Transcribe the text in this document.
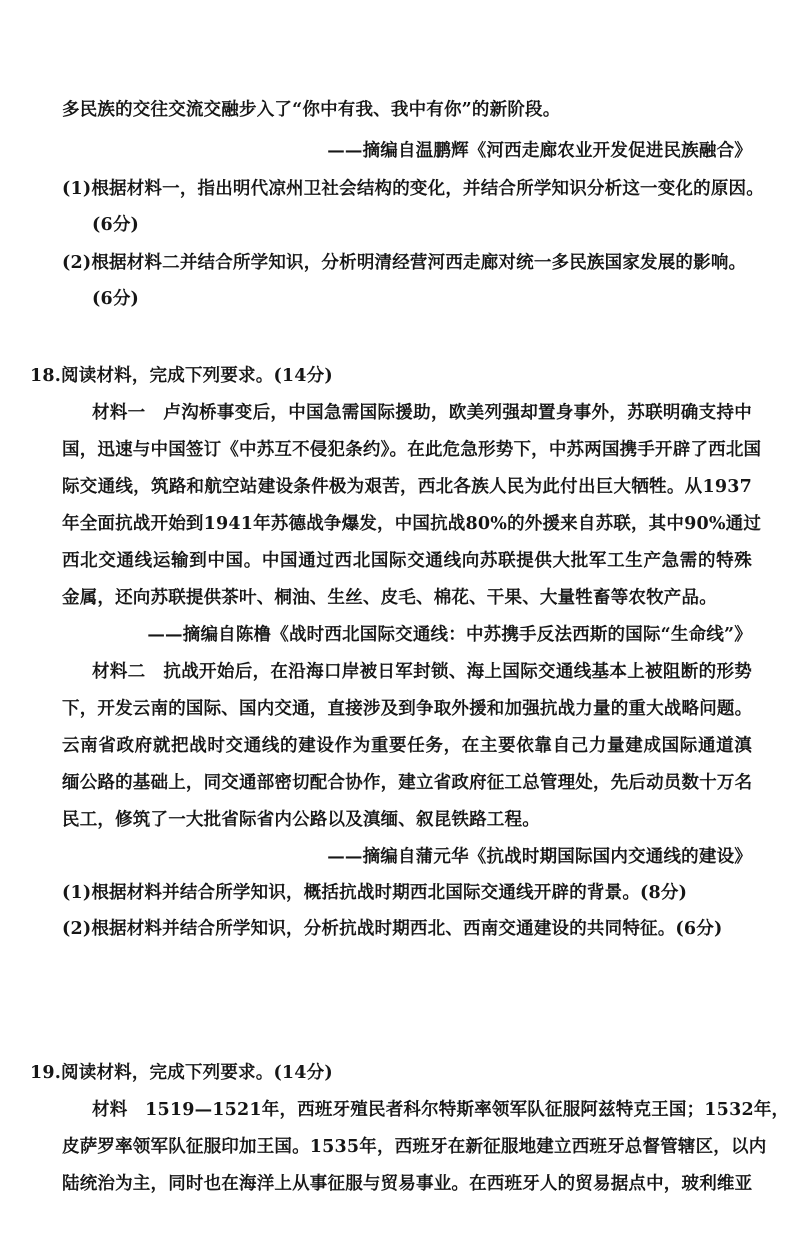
多民族的交往交流交融步入了“你中有我、我中有你”的新阶段。
——摘编自温鹏辉《河西走廊农业开发促进民族融合》
(1)根据材料一，指出明代凉州卫社会结构的变化，并结合所学知识分析这一变化的原因。
(6分)
(2)根据材料二并结合所学知识，分析明清经营河西走廊对统一多民族国家发展的影响。
(6分)
18.阅读材料，完成下列要求。(14分)
材料一　卢沟桥事变后，中国急需国际援助，欧美列强却置身事外，苏联明确支持中
国，迅速与中国签订《中苏互不侵犯条约》。在此危急形势下，中苏两国携手开辟了西北国
际交通线，筑路和航空站建设条件极为艰苦，西北各族人民为此付出巨大牺牲。从1937
年全面抗战开始到1941年苏德战争爆发，中国抗战80%的外援来自苏联，其中90%通过
西北交通线运输到中国。中国通过西北国际交通线向苏联提供大批军工生产急需的特殊
金属，还向苏联提供茶叶、桐油、生丝、皮毛、棉花、干果、大量牲畜等农牧产品。
——摘编自陈橹《战时西北国际交通线：中苏携手反法西斯的国际“生命线”》
材料二　抗战开始后，在沿海口岸被日军封锁、海上国际交通线基本上被阻断的形势
下，开发云南的国际、国内交通，直接涉及到争取外援和加强抗战力量的重大战略问题。
云南省政府就把战时交通线的建设作为重要任务，在主要依靠自己力量建成国际通道滇
缅公路的基础上，同交通部密切配合协作，建立省政府征工总管理处，先后动员数十万名
民工，修筑了一大批省际省内公路以及滇缅、叙昆铁路工程。
——摘编自蒲元华《抗战时期国际国内交通线的建设》
(1)根据材料并结合所学知识，概括抗战时期西北国际交通线开辟的背景。(8分)
(2)根据材料并结合所学知识，分析抗战时期西北、西南交通建设的共同特征。(6分)
19.阅读材料，完成下列要求。(14分)
材料　1519—1521年，西班牙殖民者科尔特斯率领军队征服阿兹特克王国；1532年，
皮萨罗率领军队征服印加王国。1535年，西班牙在新征服地建立西班牙总督管辖区，以内
陆统治为主，同时也在海洋上从事征服与贸易事业。在西班牙人的贸易据点中，玻利维亚
